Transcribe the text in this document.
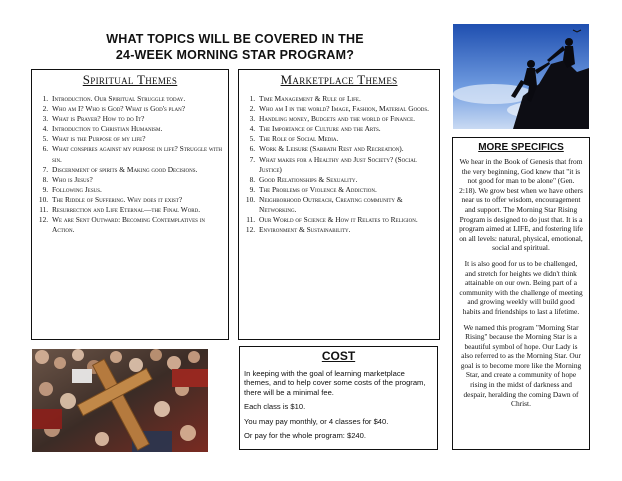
WHAT TOPICS WILL BE COVERED IN THE
24-WEEK MORNING STAR PROGRAM?
Spiritual Themes
1. Introduction. Our Spiritual Struggle today.
2. Who am I? Who is God? What is God's plan?
3. What is Prayer? How to do It?
4. Introduction to Christian Humanism.
5. What is the Purpose of my life?
6. What conspires against my purpose in life? Struggle with sin.
7. Discernment of spirits & Making good Decisions.
8. Who is Jesus?
9. Following Jesus.
10. The Riddle of Suffering. Why does it exist?
11. Resurrection and Life Eternal—the Final Word.
12. We are Sent Outward: Becoming Contemplatives in Action.
Marketplace Themes
1. Time Management & Rule of Life.
2. Who am I in the world? Image, Fashion, Material Goods.
3. Handling money, Budgets and the world of Finance.
4. The Importance of Culture and the Arts.
5. The Role of Social Media.
6. Work & Leisure (Sabbath Rest and Recreation).
7. What makes for a Healthy and Just Society? (Social Justice)
8. Good Relationships & Sexuality.
9. The Problems of Violence & Addiction.
10. Neighborhood Outreach, Creating community & Networking.
11. Our World of Science & How it Relates to Religion.
12. Environment & Sustainability.
COST

In keeping with the goal of learning marketplace themes, and to help cover some costs of the program, there will be a minimal fee.

Each class is $10.

You may pay monthly, or 4 classes for $40.

Or pay for the whole program: $240.

MORE SPECIFICS

We hear in the Book of Genesis that from the very beginning, God knew that "it is not good for man to be alone" (Gen. 2:18). We grow best when we have others near us to offer wisdom, encouragement and support. The Morning Star Rising Program is designed to do just that. It is a program aimed at LIFE, and fostering life on all levels: natural, physical, emotional, social and spiritual.

It is also good for us to be challenged, and stretch for heights we didn't think attainable on our own. Being part of a community with the challenge of meeting and growing weekly will build good habits and friendships to last a lifetime.

We named this program "Morning Star Rising" because the Morning Star is a beautiful symbol of hope. Our Lady is also referred to as the Morning Star. Our goal is to become more like the Morning Star, and create a community of hope rising in the midst of darkness and despair, heralding the coming Dawn of Christ.
